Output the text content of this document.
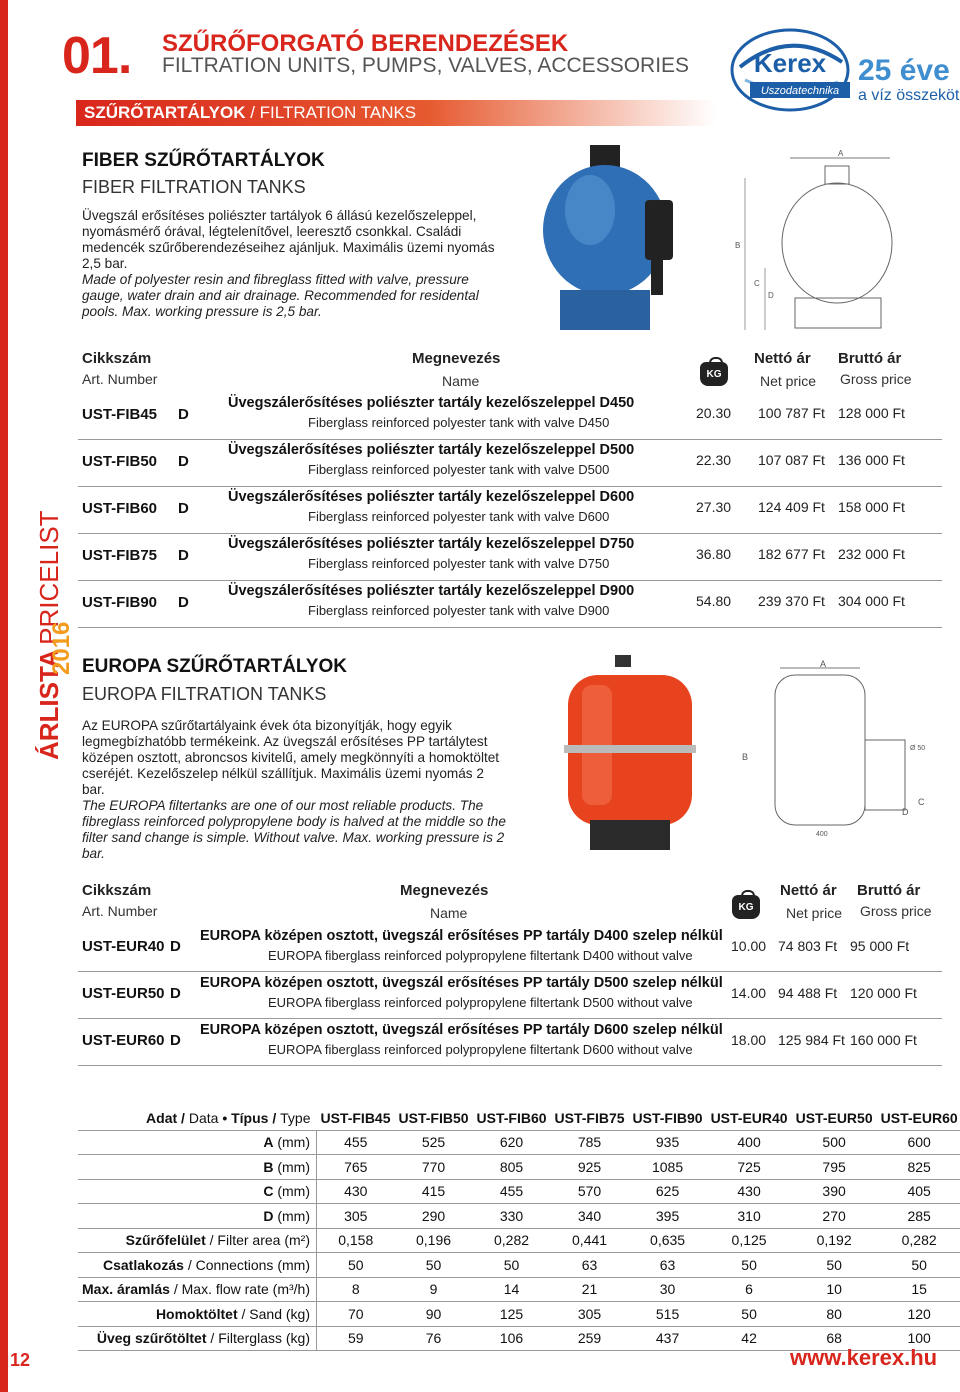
ÁRLISTA PRICELIST
2016
01. SZŰRŐFORGATÓ BERENDEZÉSEK
FILTRATION UNITS, PUMPS, VALVES, ACCESSORIES Kerex
Uszodatechnika
25 éve
a víz összeköt
SZŰRŐTARTÁLYOK / FILTRATION TANKS
FIBER SZŰRŐTARTÁLYOK
FIBER FILTRATION TANKS
Üvegszál erősítéses poliészter tartályok 6 állású kezelőszeleppel, nyomásmérő órával, légtelenítővel, leeresztő csonkkal. Családi medencék szűrőberendezéseihez ajánljuk. Maximális üzemi nyomás 2,5 bar.
Made of polyester resin and fibreglass fitted with valve, pressure gauge, water drain and air drainage. Recommended for residental pools. Max. working pressure is 2,5 bar.
A
B
C
D
Cikkszám
Art. Number
Megnevezés
Name	KG
Nettó ár
Net price
Bruttó ár
Gross price
UST-FIB45 D
Üvegszálerősítéses poliészter tartály kezelőszeleppel D450
Fiberglass reinforced polyester tank with valve D450
20.30 100 787 Ft 128 000 Ft
UST-FIB50 D
Üvegszálerősítéses poliészter tartály kezelőszeleppel D500
Fiberglass reinforced polyester tank with valve D500
22.30 107 087 Ft 136 000 Ft
UST-FIB60 D
Üvegszálerősítéses poliészter tartály kezelőszeleppel D600
Fiberglass reinforced polyester tank with valve D600
27.30 124 409 Ft 158 000 Ft
UST-FIB75 D
Üvegszálerősítéses poliészter tartály kezelőszeleppel D750
Fiberglass reinforced polyester tank with valve D750
36.80 182 677 Ft 232 000 Ft
UST-FIB90 D
Üvegszálerősítéses poliészter tartály kezelőszeleppel D900
Fiberglass reinforced polyester tank with valve D900
54.80 239 370 Ft 304 000 Ft
EUROPA SZŰRŐTARTÁLYOK
EUROPA FILTRATION TANKS
Az EUROPA szűrőtartályaink évek óta bizonyítják, hogy egyik legmegbízhatóbb termékeink. Az üvegszál erősítéses PP tartálytest középen osztott, abroncsos kivitelű, amely megkönnyíti a homoktöltet cseréjét. Kezelőszelep nélkül szállítjuk. Maximális üzemi nyomás 2 bar.
The EUROPA filtertanks are one of our most reliable products. The fibreglass reinforced polypropylene body is halved at the middle so the filter sand change is simple. Without valve. Max. working pressure is 2 bar.
A
Ø 50
B
C
D
400
Cikkszám
Art. Number
Megnevezés
Name	KG
Nettó ár
Net price
Bruttó ár
Gross price
UST-EUR40 D
EUROPA középen osztott, üvegszál erősítéses PP tartály D400 szelep nélkül
EUROPA fiberglass reinforced polypropylene filtertank D400 without valve
10.00 74 803 Ft 95 000 Ft
UST-EUR50 D
EUROPA középen osztott, üvegszál erősítéses PP tartály D500 szelep nélkül
EUROPA fiberglass reinforced polypropylene filtertank D500 without valve
14.00 94 488 Ft 120 000 Ft
UST-EUR60 D
EUROPA középen osztott, üvegszál erősítéses PP tartály D600 szelep nélkül
EUROPA fiberglass reinforced polypropylene filtertank D600 without valve
18.00 125 984 Ft 160 000 Ft
Adat / Data • Típus / Type	UST-FIB45	UST-FIB50	UST-FIB60	UST-FIB75	UST-FIB90	UST-EUR40	UST-EUR50	UST-EUR60
A (mm)	455	525	620	785	935	400	500	600
B (mm)	765	770	805	925	1085	725	795	825
C (mm)	430	415	455	570	625	430	390	405
D (mm)	305	290	330	340	395	310	270	285
Szűrőfelület / Filter area (m²)	0,158	0,196	0,282	0,441	0,635	0,125	0,192	0,282
Csatlakozás / Connections (mm)	50	50	50	63	63	50	50	50
Max. áramlás / Max. flow rate (m³/h)	8	9	14	21	30	6	10	15
Homoktöltet / Sand (kg)	70	90	125	305	515	50	80	120
Üveg szűrőtöltet / Filterglass (kg)	59	76	106	259	437	42	68	100
12	www.kerex.hu
